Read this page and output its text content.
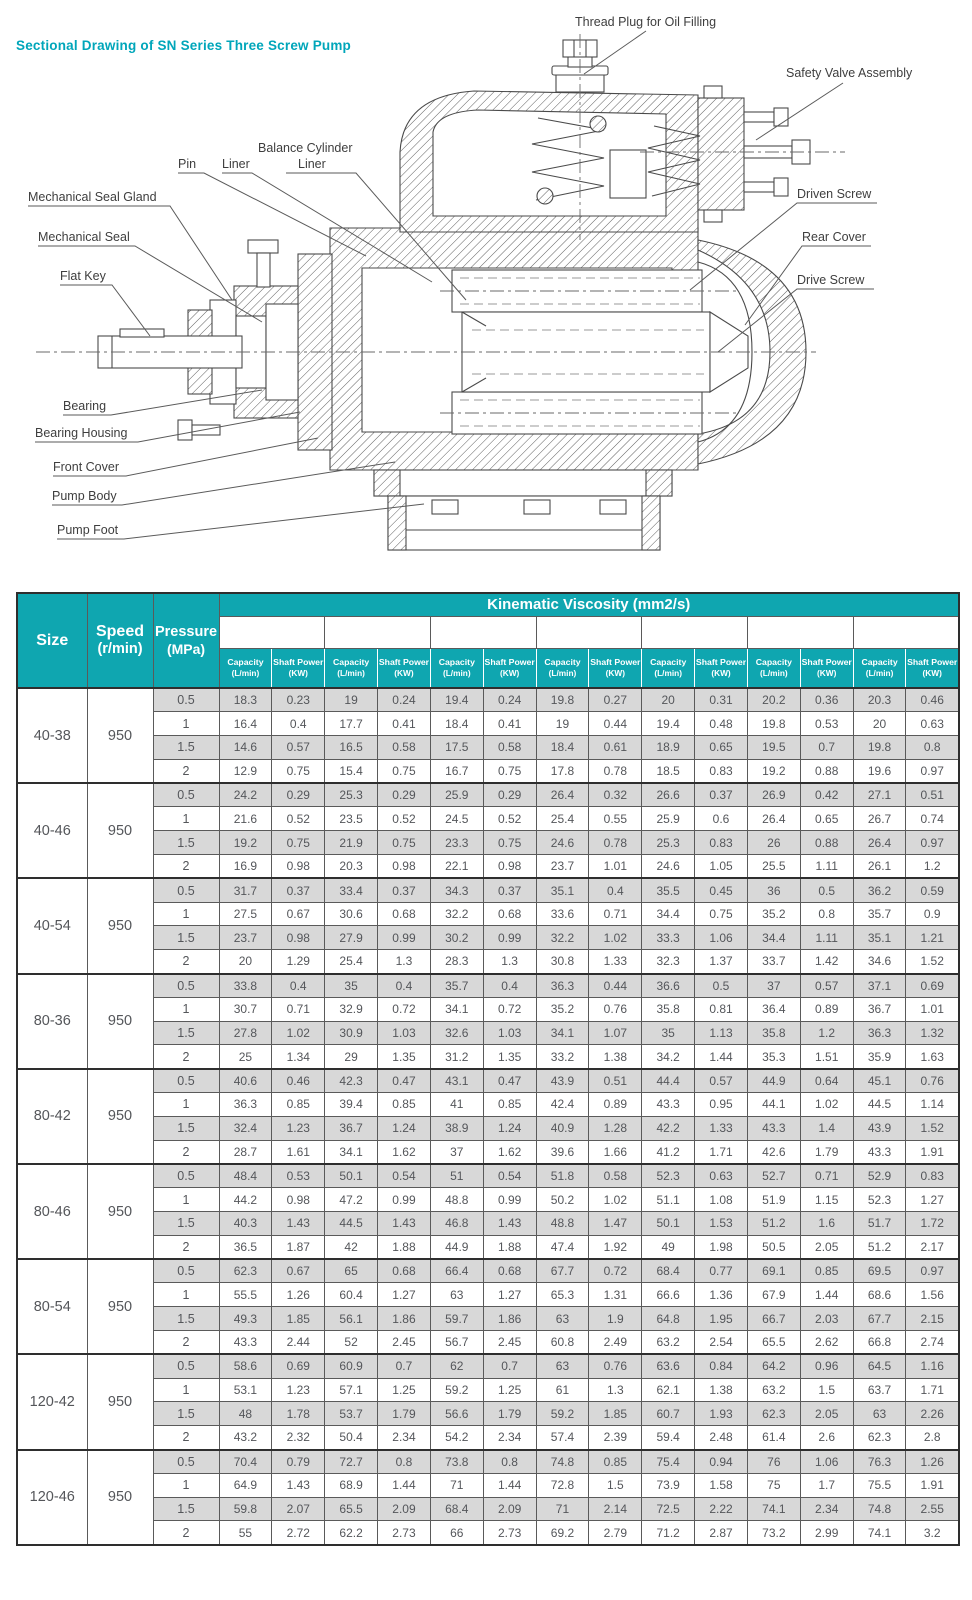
Thread Plug for Oil Filling
Safety Valve Assembly
Pin Liner
Balance Cylinder
Liner
Mechanical Seal Gland
Mechanical Seal
Flat Key
Driven Screw
Rear Cover
Drive Screw
Bearing
Bearing Housing
Front Cover
Pump Body
Pump Foot
Sectional Drawing of SN Series Three Screw Pump
Size	
Speed
(r/min)

Pressure
(MPa)
	Kinematic Viscosity (mm2/s)
			10		20		40		75		150		380		760	

Capacity
(L/min)

Shaft Power
(KW)

Capacity
(L/min)

Shaft Power
(KW)

Capacity
(L/min)

Shaft Power
(KW)

Capacity
(L/min)

Shaft Power
(KW)

Capacity
(L/min)

Shaft Power
(KW)

Capacity
(L/min)

Shaft Power
(KW)

Capacity
(L/min)

Shaft Power
(KW)

40-38	950	0.5	18.3	0.23	19	0.24	19.4	0.24	19.8	0.27	20	0.31	20.2	0.36	20.3	0.46
		1	16.4	0.4	17.7	0.41	18.4	0.41	19	0.44	19.4	0.48	19.8	0.53	20	0.63
		1.5	14.6	0.57	16.5	0.58	17.5	0.58	18.4	0.61	18.9	0.65	19.5	0.7	19.8	0.8
		2	12.9	0.75	15.4	0.75	16.7	0.75	17.8	0.78	18.5	0.83	19.2	0.88	19.6	0.97
40-46	950	0.5	24.2	0.29	25.3	0.29	25.9	0.29	26.4	0.32	26.6	0.37	26.9	0.42	27.1	0.51
		1	21.6	0.52	23.5	0.52	24.5	0.52	25.4	0.55	25.9	0.6	26.4	0.65	26.7	0.74
		1.5	19.2	0.75	21.9	0.75	23.3	0.75	24.6	0.78	25.3	0.83	26	0.88	26.4	0.97
		2	16.9	0.98	20.3	0.98	22.1	0.98	23.7	1.01	24.6	1.05	25.5	1.11	26.1	1.2
40-54	950	0.5	31.7	0.37	33.4	0.37	34.3	0.37	35.1	0.4	35.5	0.45	36	0.5	36.2	0.59
		1	27.5	0.67	30.6	0.68	32.2	0.68	33.6	0.71	34.4	0.75	35.2	0.8	35.7	0.9
		1.5	23.7	0.98	27.9	0.99	30.2	0.99	32.2	1.02	33.3	1.06	34.4	1.11	35.1	1.21
		2	20	1.29	25.4	1.3	28.3	1.3	30.8	1.33	32.3	1.37	33.7	1.42	34.6	1.52
80-36	950	0.5	33.8	0.4	35	0.4	35.7	0.4	36.3	0.44	36.6	0.5	37	0.57	37.1	0.69
		1	30.7	0.71	32.9	0.72	34.1	0.72	35.2	0.76	35.8	0.81	36.4	0.89	36.7	1.01
		1.5	27.8	1.02	30.9	1.03	32.6	1.03	34.1	1.07	35	1.13	35.8	1.2	36.3	1.32
		2	25	1.34	29	1.35	31.2	1.35	33.2	1.38	34.2	1.44	35.3	1.51	35.9	1.63
80-42	950	0.5	40.6	0.46	42.3	0.47	43.1	0.47	43.9	0.51	44.4	0.57	44.9	0.64	45.1	0.76
		1	36.3	0.85	39.4	0.85	41	0.85	42.4	0.89	43.3	0.95	44.1	1.02	44.5	1.14
		1.5	32.4	1.23	36.7	1.24	38.9	1.24	40.9	1.28	42.2	1.33	43.3	1.4	43.9	1.52
		2	28.7	1.61	34.1	1.62	37	1.62	39.6	1.66	41.2	1.71	42.6	1.79	43.3	1.91
80-46	950	0.5	48.4	0.53	50.1	0.54	51	0.54	51.8	0.58	52.3	0.63	52.7	0.71	52.9	0.83
		1	44.2	0.98	47.2	0.99	48.8	0.99	50.2	1.02	51.1	1.08	51.9	1.15	52.3	1.27
		1.5	40.3	1.43	44.5	1.43	46.8	1.43	48.8	1.47	50.1	1.53	51.2	1.6	51.7	1.72
		2	36.5	1.87	42	1.88	44.9	1.88	47.4	1.92	49	1.98	50.5	2.05	51.2	2.17
80-54	950	0.5	62.3	0.67	65	0.68	66.4	0.68	67.7	0.72	68.4	0.77	69.1	0.85	69.5	0.97
		1	55.5	1.26	60.4	1.27	63	1.27	65.3	1.31	66.6	1.36	67.9	1.44	68.6	1.56
		1.5	49.3	1.85	56.1	1.86	59.7	1.86	63	1.9	64.8	1.95	66.7	2.03	67.7	2.15
		2	43.3	2.44	52	2.45	56.7	2.45	60.8	2.49	63.2	2.54	65.5	2.62	66.8	2.74
120-42	950	0.5	58.6	0.69	60.9	0.7	62	0.7	63	0.76	63.6	0.84	64.2	0.96	64.5	1.16
		1	53.1	1.23	57.1	1.25	59.2	1.25	61	1.3	62.1	1.38	63.2	1.5	63.7	1.71
		1.5	48	1.78	53.7	1.79	56.6	1.79	59.2	1.85	60.7	1.93	62.3	2.05	63	2.26
		2	43.2	2.32	50.4	2.34	54.2	2.34	57.4	2.39	59.4	2.48	61.4	2.6	62.3	2.8
120-46	950	0.5	70.4	0.79	72.7	0.8	73.8	0.8	74.8	0.85	75.4	0.94	76	1.06	76.3	1.26
		1	64.9	1.43	68.9	1.44	71	1.44	72.8	1.5	73.9	1.58	75	1.7	75.5	1.91
		1.5	59.8	2.07	65.5	2.09	68.4	2.09	71	2.14	72.5	2.22	74.1	2.34	74.8	2.55
		2	55	2.72	62.2	2.73	66	2.73	69.2	2.79	71.2	2.87	73.2	2.99	74.1	3.2
